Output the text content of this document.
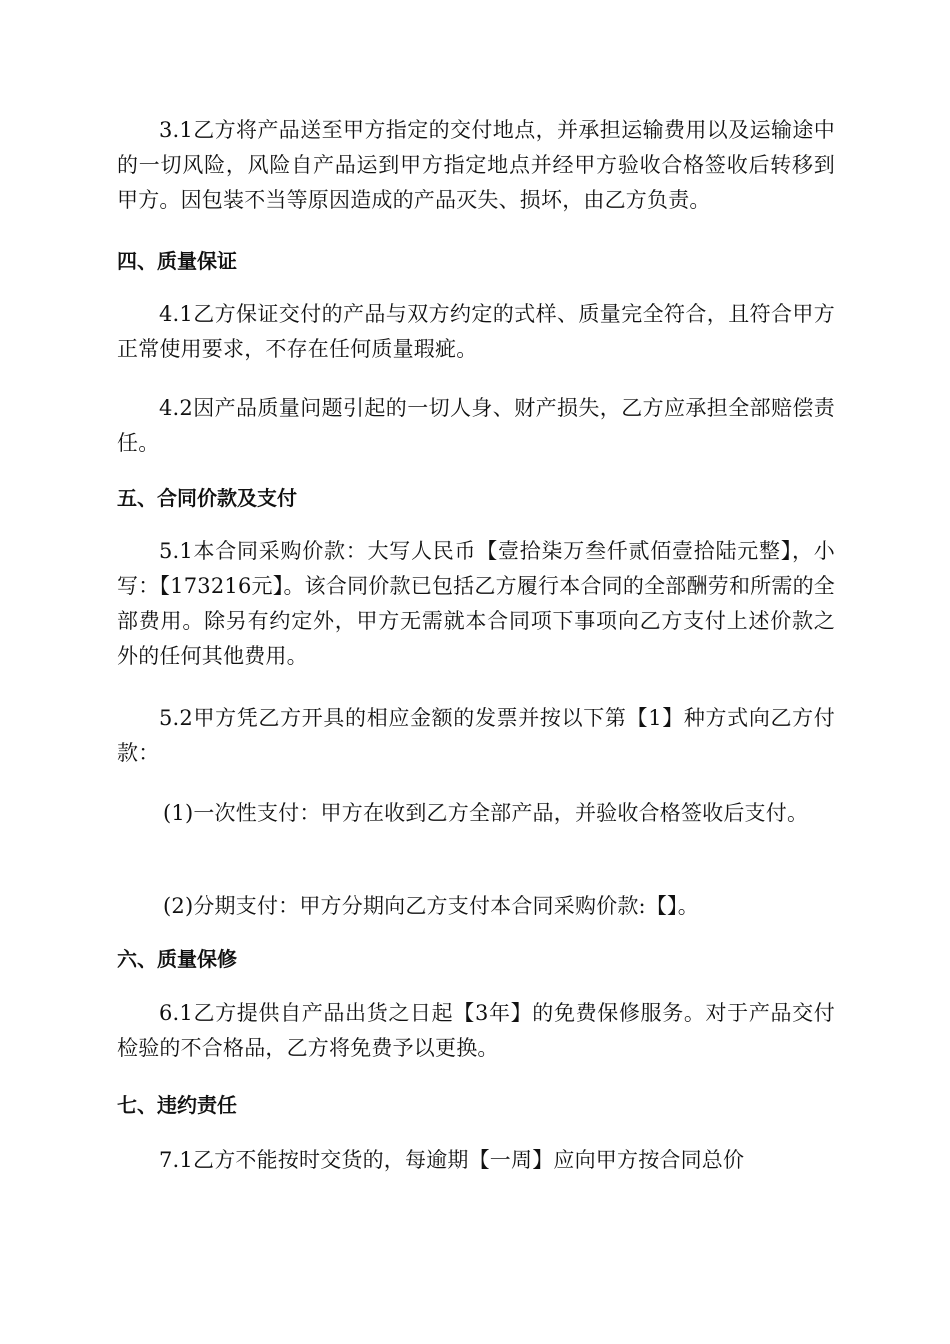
3.1乙方将产品送至甲方指定的交付地点，并承担运输费用以及运输途中的一切风险，风险自产品运到甲方指定地点并经甲方验收合格签收后转移到甲方。因包装不当等原因造成的产品灭失、损坏，由乙方负责。

四、质量保证

4.1乙方保证交付的产品与双方约定的式样、质量完全符合，且符合甲方正常使用要求，不存在任何质量瑕疵。

4.2因产品质量问题引起的一切人身、财产损失，乙方应承担全部赔偿责任。

五、合同价款及支付

5.1本合同采购价款：大写人民币【壹拾柒万叁仟贰佰壹拾陆元整】，小写：【173216元】。该合同价款已包括乙方履行本合同的全部酬劳和所需的全部费用。除另有约定外，甲方无需就本合同项下事项向乙方支付上述价款之外的任何其他费用。

5.2甲方凭乙方开具的相应金额的发票并按以下第【1】种方式向乙方付款：

(1)一次性支付：甲方在收到乙方全部产品，并验收合格签收后支付。

(2)分期支付：甲方分期向乙方支付本合同采购价款:【】。

六、质量保修

6.1乙方提供自产品出货之日起【3年】的免费保修服务。对于产品交付检验的不合格品，乙方将免费予以更换。

七、违约责任

7.1乙方不能按时交货的，每逾期【一周】应向甲方按合同总价
